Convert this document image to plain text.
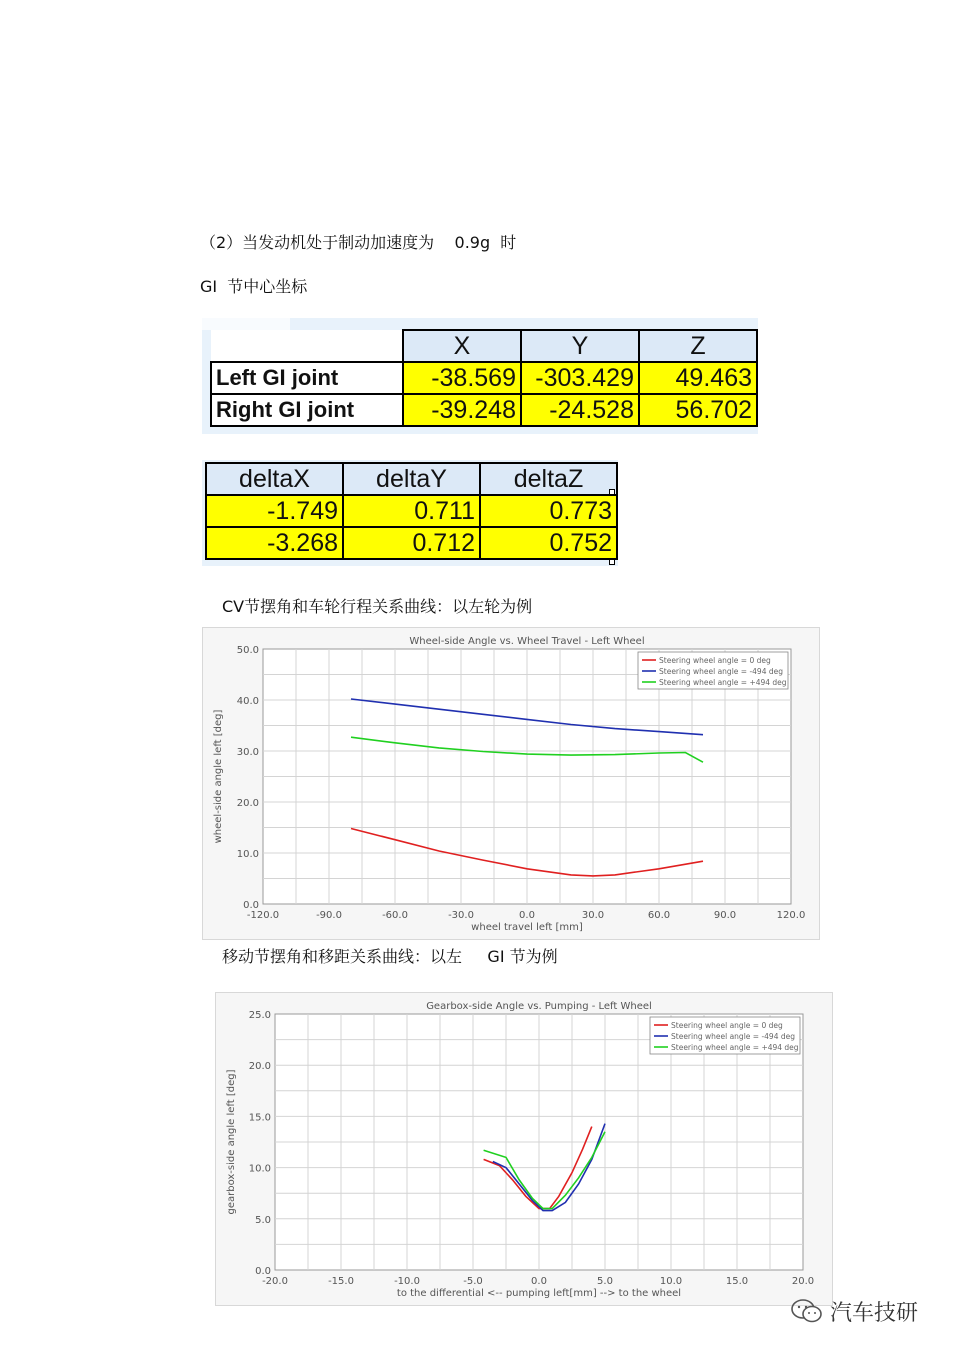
（2）当发动机处于制动加速度为    0.9g  时
GI  节中心坐标
	X	Y	Z
Left GI joint	-38.569	-303.429	49.463
Right GI joint	-39.248	-24.528	56.702
deltaX	deltaY	deltaZ
-1.749	0.711	0.773
-3.268	0.712	0.752
CV节摆角和车轮行程关系曲线：以左轮为例
-120.0	-90.0	-60.0	-30.0	0.0	30.0	60.0	90.0	120.0
0.0
10.0
20.0
30.0
40.0
50.0
Wheel-side Angle vs. Wheel Travel - Left Wheel
wheel travel left [mm]
wheel-side angle left [deg]
Steering wheel angle = 0 deg
Steering wheel angle = -494 deg
Steering wheel angle = +494 deg
移动节摆角和移距关系曲线：以左     GI 节为例
-20.0	-15.0	-10.0	-5.0	0.0	5.0	10.0	15.0	20.0
0.0
5.0
10.0
15.0
20.0
25.0
Gearbox-side Angle vs. Pumping - Left Wheel
to the differential <-- pumping left[mm] --> to the wheel
gearbox-side angle left [deg]
Steering wheel angle = 0 deg
Steering wheel angle = -494 deg
Steering wheel angle = +494 deg
汽车技研
